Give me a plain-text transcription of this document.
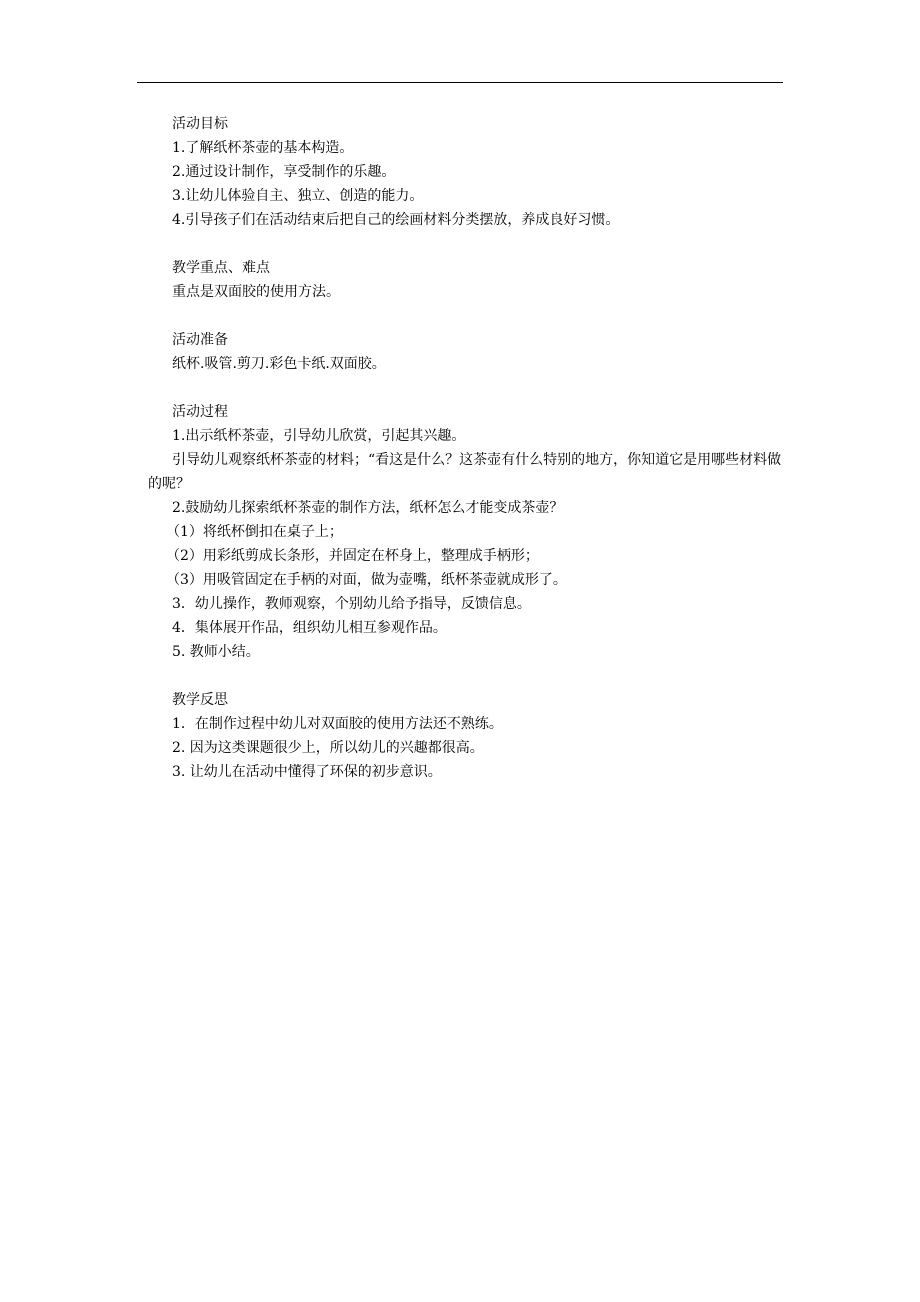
活动目标
1.了解纸杯茶壶的基本构造。
2.通过设计制作，享受制作的乐趣。
3.让幼儿体验自主、独立、创造的能力。
4.引导孩子们在活动结束后把自己的绘画材料分类摆放，养成良好习惯。
教学重点、难点
重点是双面胶的使用方法。
活动准备
纸杯.吸管.剪刀.彩色卡纸.双面胶。
活动过程
1.出示纸杯茶壶，引导幼儿欣赏，引起其兴趣。
引导幼儿观察纸杯茶壶的材料；“看这是什么？这茶壶有什么特别的地方，你知道它是用哪些材料做的呢？
2.鼓励幼儿探索纸杯茶壶的制作方法，纸杯怎么才能变成茶壶？
（1）将纸杯倒扣在桌子上；
（2）用彩纸剪成长条形，并固定在杯身上，整理成手柄形；
（3）用吸管固定在手柄的对面，做为壶嘴，纸杯茶壶就成形了。
3．幼儿操作，教师观察，个别幼儿给予指导，反馈信息。
4．集体展开作品，组织幼儿相互参观作品。
5. 教师小结。
教学反思
1．在制作过程中幼儿对双面胶的使用方法还不熟练。
2. 因为这类课题很少上，所以幼儿的兴趣都很高。
3. 让幼儿在活动中懂得了环保的初步意识。
